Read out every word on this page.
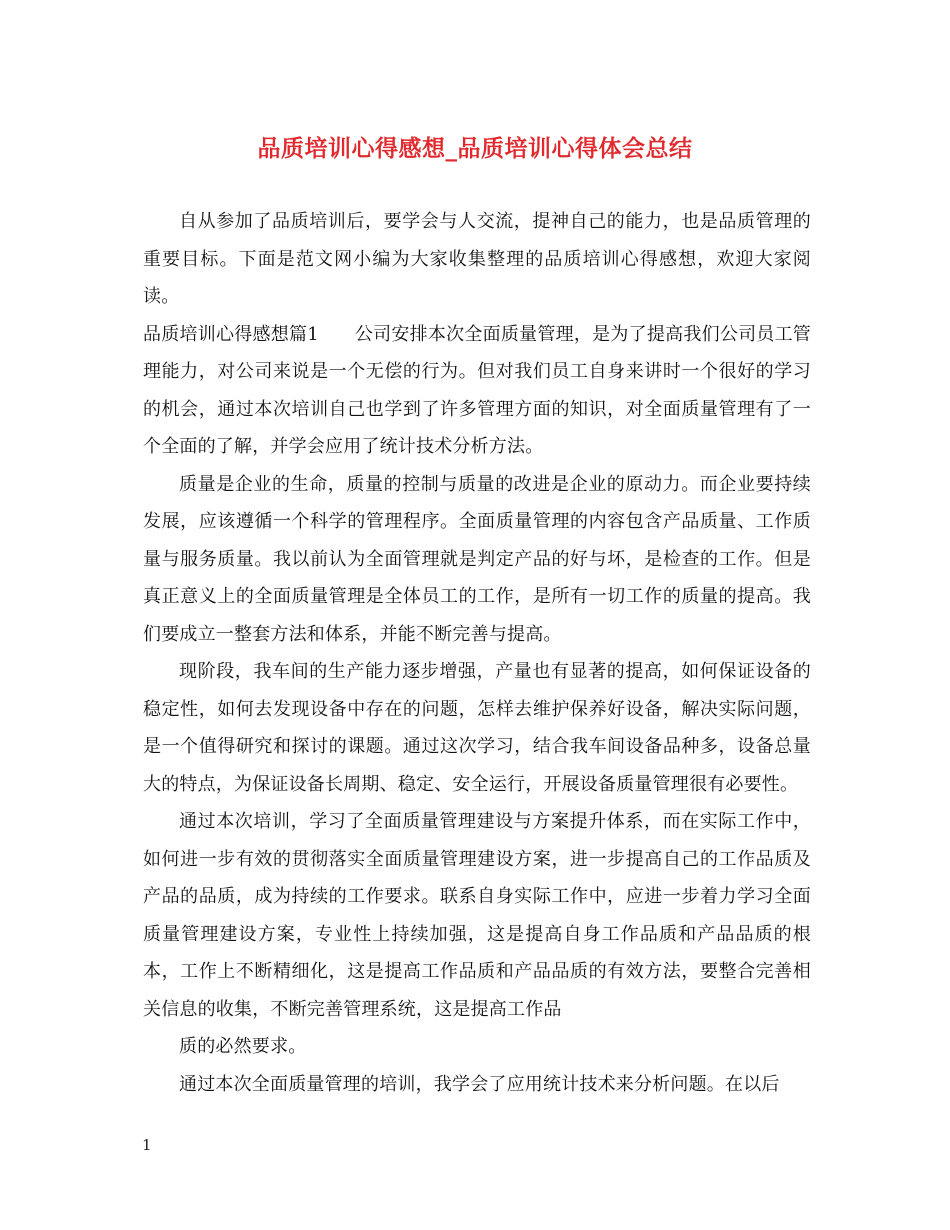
品质培训心得感想_品质培训心得体会总结

自从参加了品质培训后，要学会与人交流，提神自己的能力，也是品质管理的重要目标。下面是范文网小编为大家收集整理的品质培训心得感想，欢迎大家阅读。

品质培训心得感想篇1 公司安排本次全面质量管理，是为了提高我们公司员工管理能力，对公司来说是一个无偿的行为。但对我们员工自身来讲时一个很好的学习的机会，通过本次培训自己也学到了许多管理方面的知识，对全面质量管理有了一个全面的了解，并学会应用了统计技术分析方法。

质量是企业的生命，质量的控制与质量的改进是企业的原动力。而企业要持续发展，应该遵循一个科学的管理程序。全面质量管理的内容包含产品质量、工作质量与服务质量。我以前认为全面管理就是判定产品的好与坏，是检查的工作。但是真正意义上的全面质量管理是全体员工的工作，是所有一切工作的质量的提高。我们要成立一整套方法和体系，并能不断完善与提高。

现阶段，我车间的生产能力逐步增强，产量也有显著的提高，如何保证设备的稳定性，如何去发现设备中存在的问题，怎样去维护保养好设备，解决实际问题，是一个值得研究和探讨的课题。通过这次学习，结合我车间设备品种多，设备总量大的特点，为保证设备长周期、稳定、安全运行，开展设备质量管理很有必要性。

通过本次培训，学习了全面质量管理建设与方案提升体系，而在实际工作中，如何进一步有效的贯彻落实全面质量管理建设方案，进一步提高自己的工作品质及产品的品质，成为持续的工作要求。联系自身实际工作中，应进一步着力学习全面质量管理建设方案，专业性上持续加强，这是提高自身工作品质和产品品质的根本，工作上不断精细化，这是提高工作品质和产品品质的有效方法，要整合完善相关信息的收集，不断完善管理系统，这是提高工作品

质的必然要求。

通过本次全面质量管理的培训，我学会了应用统计技术来分析问题。在以后

1
